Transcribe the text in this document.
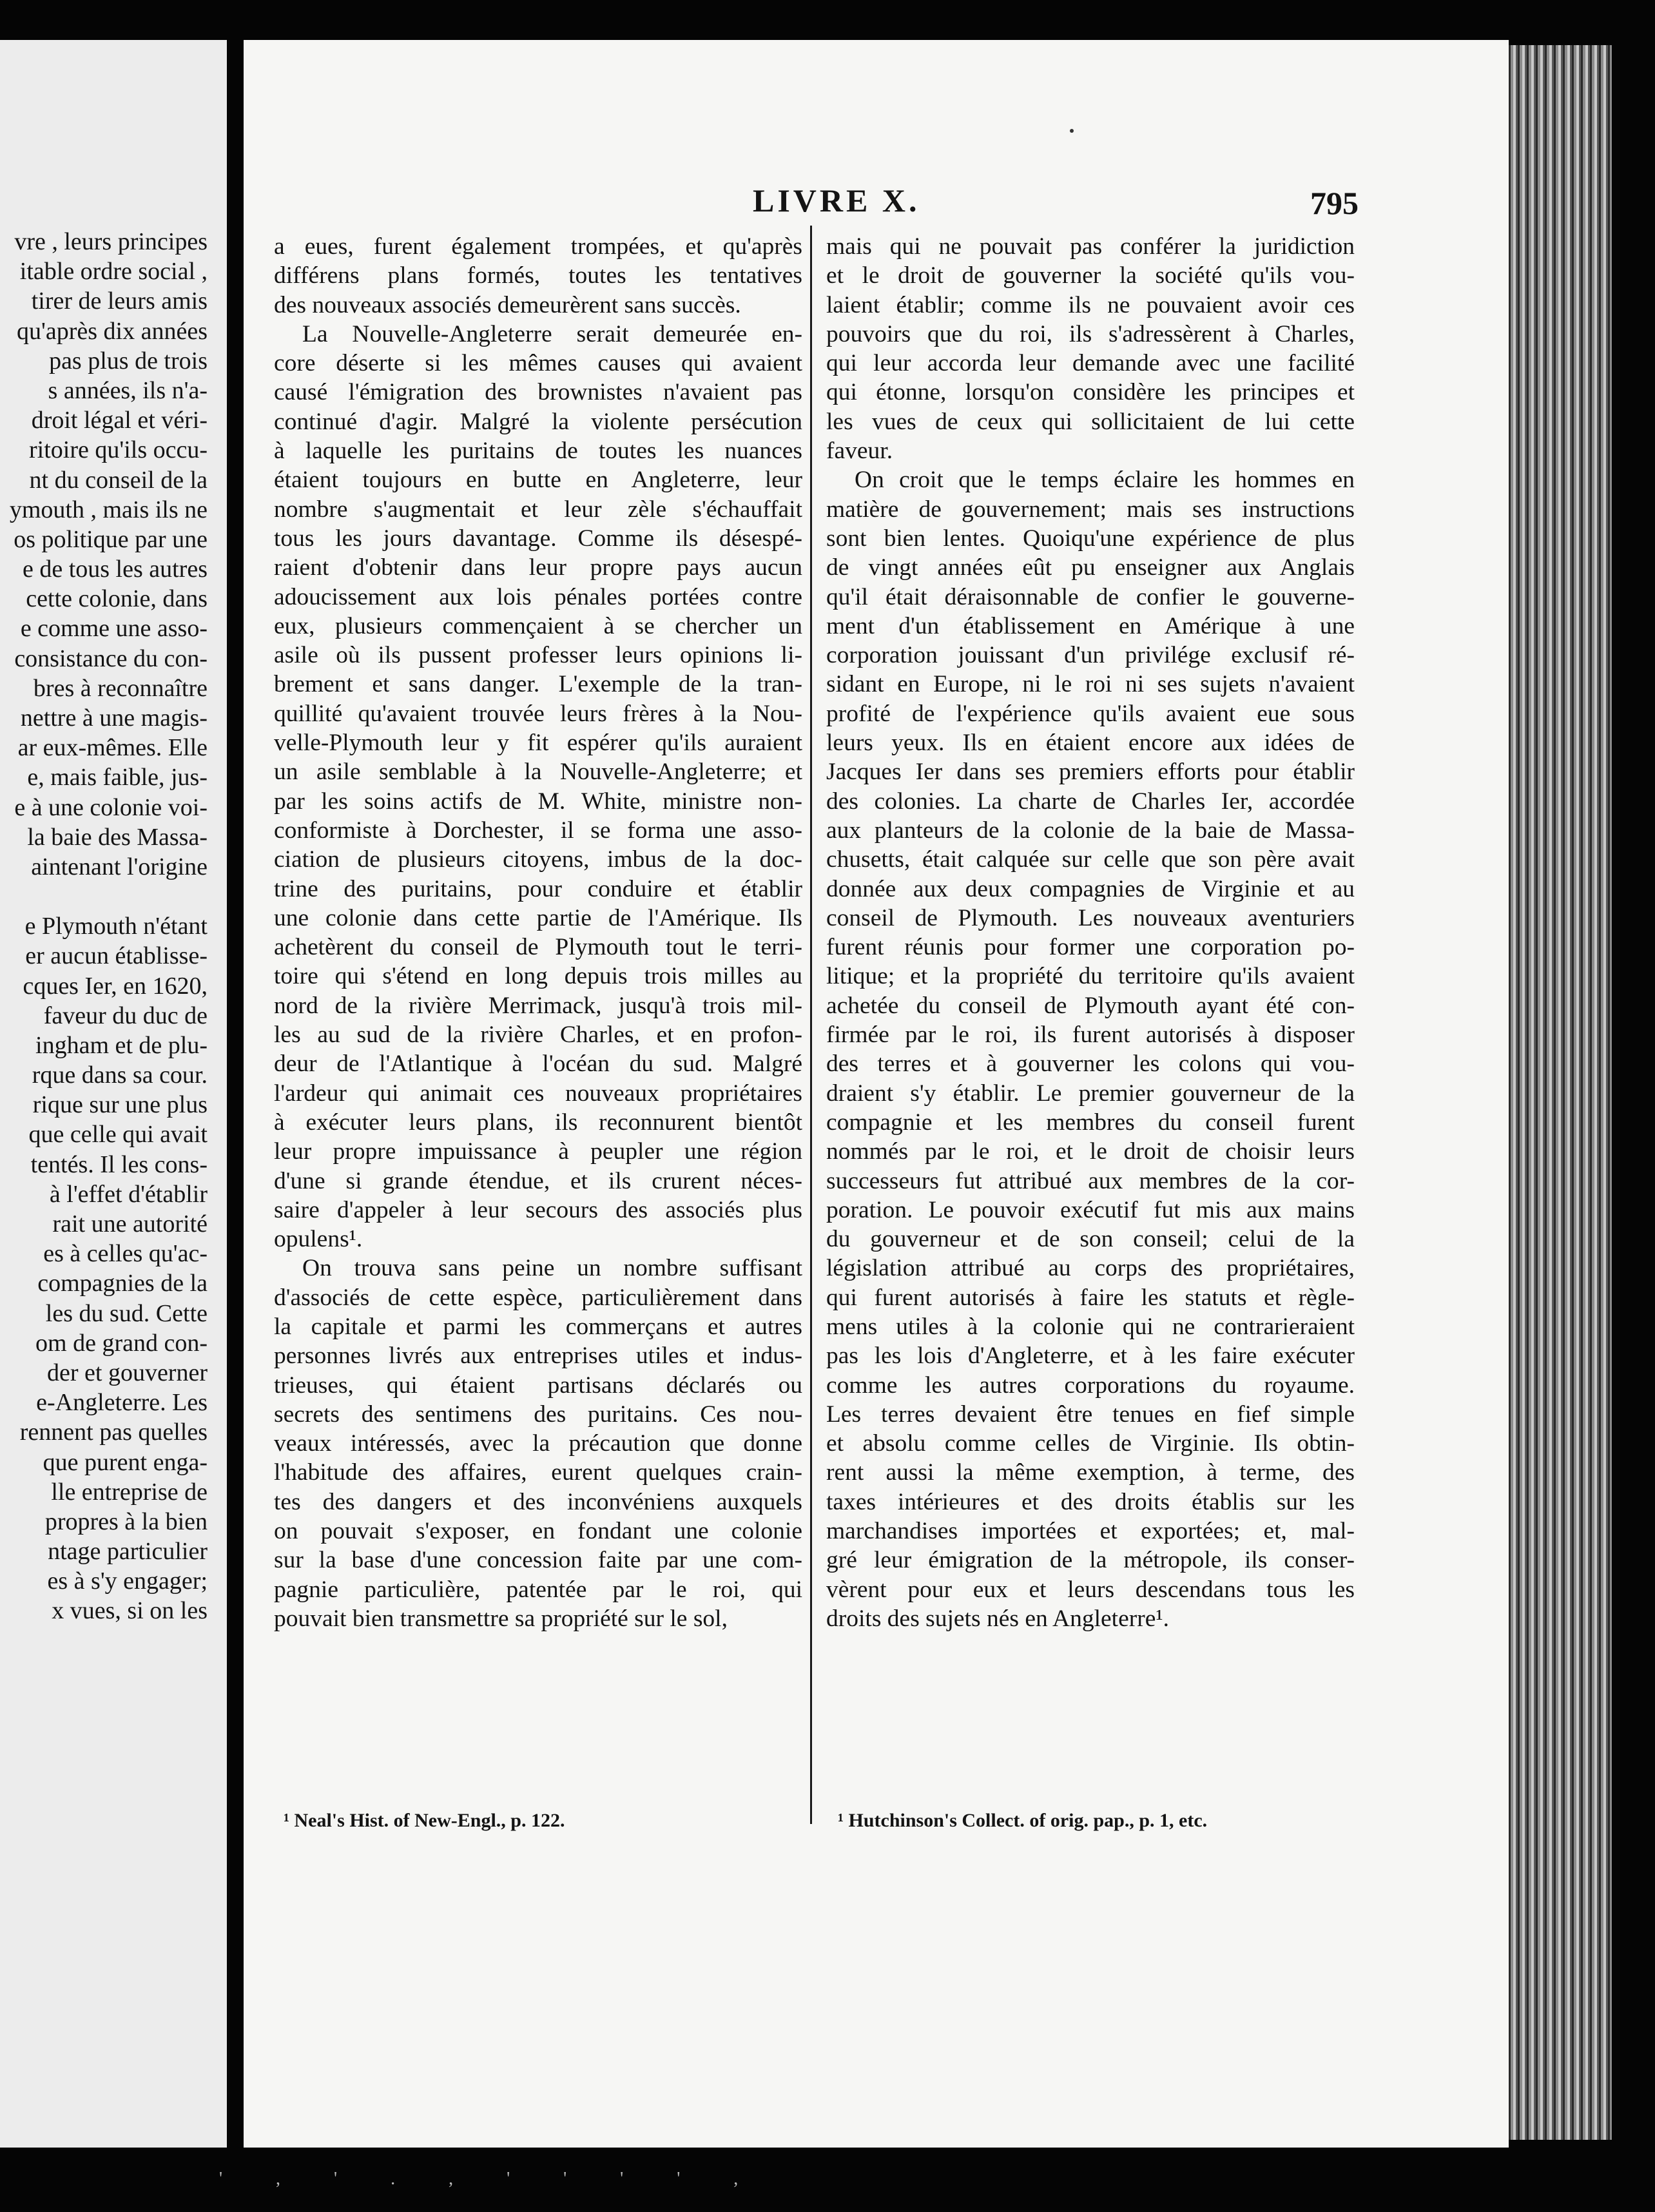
vre , leurs principes
itable ordre social ,
tirer de leurs amis
qu'après dix années
pas plus de trois
s années, ils n'a-
droit légal et véri-
ritoire qu'ils occu-
nt du conseil de la
ymouth , mais ils ne
os politique par une
e de tous les autres
cette colonie, dans
e comme une asso-
consistance du con-
bres à reconnaître
nettre à une magis-
ar eux-mêmes. Elle
e, mais faible, jus-
e à une colonie voi-
la baie des Massa-
aintenant l'origine
e Plymouth n'étant
er aucun établisse-
cques Ier, en 1620,
faveur du duc de
ingham et de plu-
rque dans sa cour.
rique sur une plus
que celle qui avait
tentés. Il les cons-
à l'effet d'établir
rait une autorité
es à celles qu'ac-
compagnies de la
les du sud. Cette
om de grand con-
der et gouverner
e-Angleterre. Les
rennent pas quelles
que purent enga-
lle entreprise de
propres à la bien
ntage particulier
es à s'y engager;
x vues, si on les
LIVRE X.	795
a eues, furent également trompées, et qu'après
différens plans formés, toutes les tentatives
des nouveaux associés demeurèrent sans succès.
La Nouvelle-Angleterre serait demeurée en-
core déserte si les mêmes causes qui avaient
causé l'émigration des brownistes n'avaient pas
continué d'agir. Malgré la violente persécution
à laquelle les puritains de toutes les nuances
étaient toujours en butte en Angleterre, leur
nombre s'augmentait et leur zèle s'échauffait
tous les jours davantage. Comme ils désespé-
raient d'obtenir dans leur propre pays aucun
adoucissement aux lois pénales portées contre
eux, plusieurs commençaient à se chercher un
asile où ils pussent professer leurs opinions li-
brement et sans danger. L'exemple de la tran-
quillité qu'avaient trouvée leurs frères à la Nou-
velle-Plymouth leur y fit espérer qu'ils auraient
un asile semblable à la Nouvelle-Angleterre; et
par les soins actifs de M. White, ministre non-
conformiste à Dorchester, il se forma une asso-
ciation de plusieurs citoyens, imbus de la doc-
trine des puritains, pour conduire et établir
une colonie dans cette partie de l'Amérique. Ils
achetèrent du conseil de Plymouth tout le terri-
toire qui s'étend en long depuis trois milles au
nord de la rivière Merrimack, jusqu'à trois mil-
les au sud de la rivière Charles, et en profon-
deur de l'Atlantique à l'océan du sud. Malgré
l'ardeur qui animait ces nouveaux propriétaires
à exécuter leurs plans, ils reconnurent bientôt
leur propre impuissance à peupler une région
d'une si grande étendue, et ils crurent néces-
saire d'appeler à leur secours des associés plus
opulens¹.
On trouva sans peine un nombre suffisant
d'associés de cette espèce, particulièrement dans
la capitale et parmi les commerçans et autres
personnes livrés aux entreprises utiles et indus-
trieuses, qui étaient partisans déclarés ou
secrets des sentimens des puritains. Ces nou-
veaux intéressés, avec la précaution que donne
l'habitude des affaires, eurent quelques crain-
tes des dangers et des inconvéniens auxquels
on pouvait s'exposer, en fondant une colonie
sur la base d'une concession faite par une com-
pagnie particulière, patentée par le roi, qui
pouvait bien transmettre sa propriété sur le sol,
mais qui ne pouvait pas conférer la juridiction
et le droit de gouverner la société qu'ils vou-
laient établir; comme ils ne pouvaient avoir ces
pouvoirs que du roi, ils s'adressèrent à Charles,
qui leur accorda leur demande avec une facilité
qui étonne, lorsqu'on considère les principes et
les vues de ceux qui sollicitaient de lui cette
faveur.
On croit que le temps éclaire les hommes en
matière de gouvernement; mais ses instructions
sont bien lentes. Quoiqu'une expérience de plus
de vingt années eût pu enseigner aux Anglais
qu'il était déraisonnable de confier le gouverne-
ment d'un établissement en Amérique à une
corporation jouissant d'un privilége exclusif ré-
sidant en Europe, ni le roi ni ses sujets n'avaient
profité de l'expérience qu'ils avaient eue sous
leurs yeux. Ils en étaient encore aux idées de
Jacques Ier dans ses premiers efforts pour établir
des colonies. La charte de Charles Ier, accordée
aux planteurs de la colonie de la baie de Massa-
chusetts, était calquée sur celle que son père avait
donnée aux deux compagnies de Virginie et au
conseil de Plymouth. Les nouveaux aventuriers
furent réunis pour former une corporation po-
litique; et la propriété du territoire qu'ils avaient
achetée du conseil de Plymouth ayant été con-
firmée par le roi, ils furent autorisés à disposer
des terres et à gouverner les colons qui vou-
draient s'y établir. Le premier gouverneur de la
compagnie et les membres du conseil furent
nommés par le roi, et le droit de choisir leurs
successeurs fut attribué aux membres de la cor-
poration. Le pouvoir exécutif fut mis aux mains
du gouverneur et de son conseil; celui de la
législation attribué au corps des propriétaires,
qui furent autorisés à faire les statuts et règle-
mens utiles à la colonie qui ne contrarieraient
pas les lois d'Angleterre, et à les faire exécuter
comme les autres corporations du royaume.
Les terres devaient être tenues en fief simple
et absolu comme celles de Virginie. Ils obtin-
rent aussi la même exemption, à terme, des
taxes intérieures et des droits établis sur les
marchandises importées et exportées; et, mal-
gré leur émigration de la métropole, ils conser-
vèrent pour eux et leurs descendans tous les
droits des sujets nés en Angleterre¹.
¹ Neal's Hist. of New-Engl., p. 122.	¹ Hutchinson's Collect. of orig. pap., p. 1, etc.
' , ' . , ' ' ' ' ,
